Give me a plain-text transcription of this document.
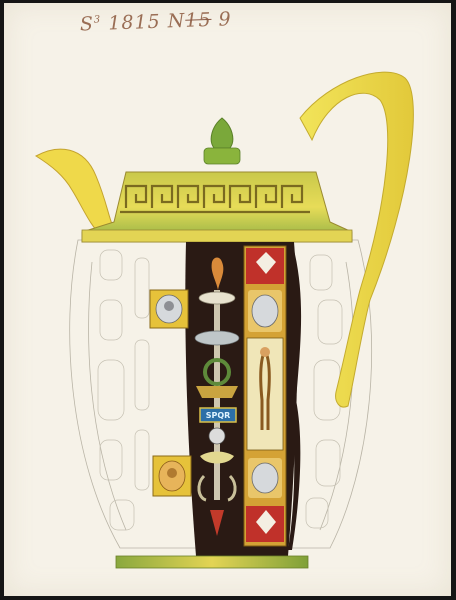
$S^3$ 1815 N15 9
SPQR
